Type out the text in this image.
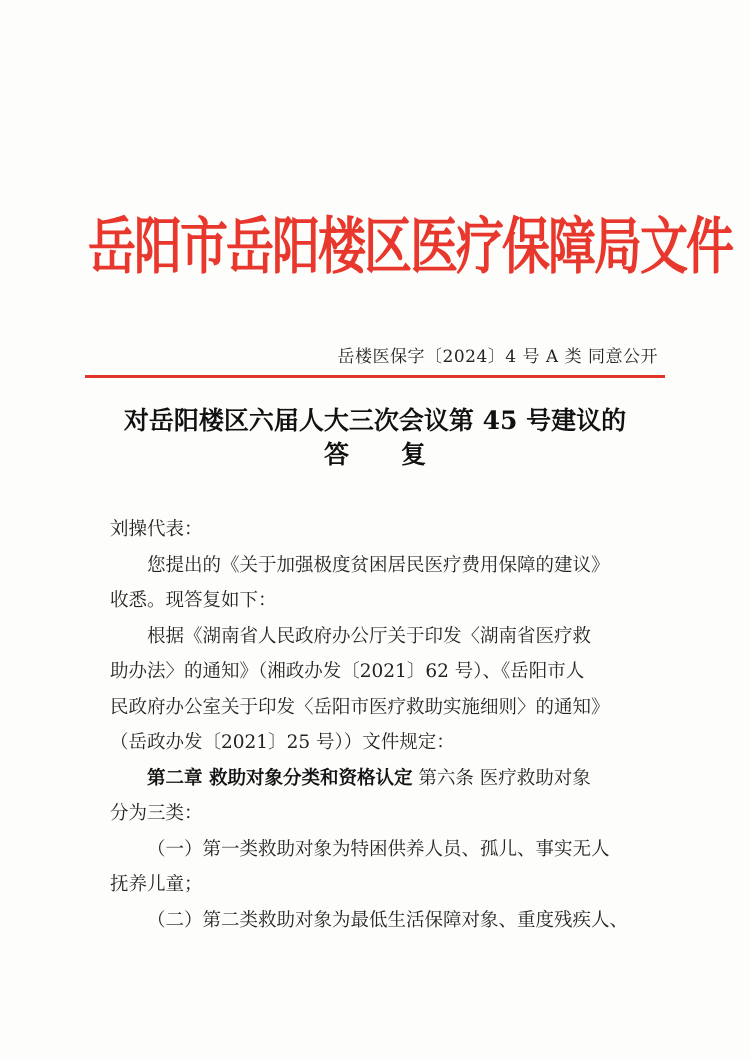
岳阳市岳阳楼区医疗保障局文件
岳楼医保字〔2024〕4 号 A 类 同意公开
对岳阳楼区六届人大三次会议第 45 号建议的
答复

刘操代表：

您提出的《关于加强极度贫困居民医疗费用保障的建议》

收悉。现答复如下：

根据《湖南省人民政府办公厅关于印发〈湖南省医疗救

助办法〉的通知》（湘政办发〔2021〕62 号）、《岳阳市人

民政府办公室关于印发〈岳阳市医疗救助实施细则〉的通知》

（岳政办发〔2021〕25 号））文件规定：

第二章 救助对象分类和资格认定 第六条 医疗救助对象

分为三类：

（一）第一类救助对象为特困供养人员、孤儿、事实无人

抚养儿童；

（二）第二类救助对象为最低生活保障对象、重度残疾人、
